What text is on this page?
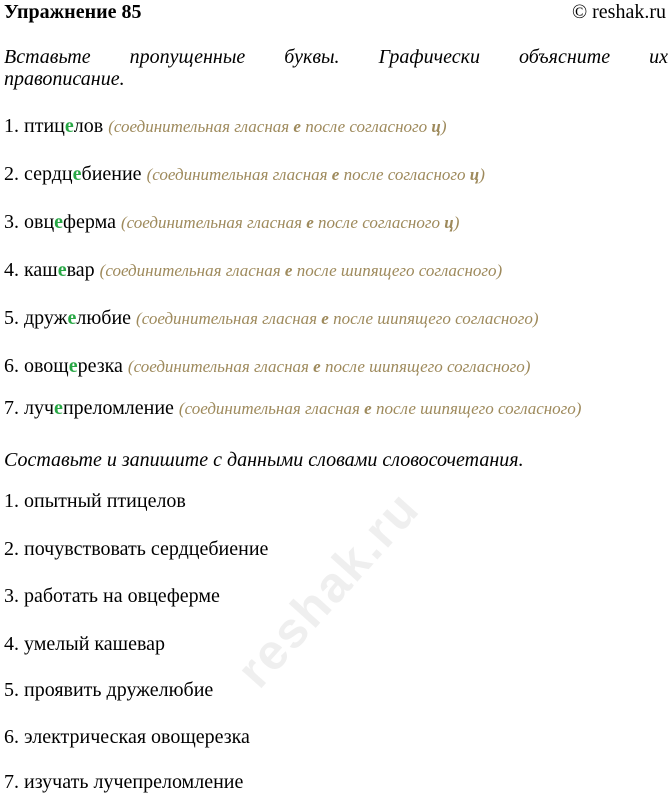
Упражнение 85	© reshak.ru
Вставьте пропущенные буквы. Графически объясните их
правописание.
1. птицелов (соединительная гласная е после согласного ц)
2. сердцебиение (соединительная гласная е после согласного ц)
3. овцеферма (соединительная гласная е после согласного ц)
4. кашевар (соединительная гласная е после шипящего согласного)
5. дружелюбие (соединительная гласная е после шипящего согласного)
6. овощерезка (соединительная гласная е после шипящего согласного)
7. лучепреломление (соединительная гласная е после шипящего согласного)
Составьте и запишите с данными словами словосочетания.
1. опытный птицелов
2. почувствовать сердцебиение
3. работать на овцеферме
4. умелый кашевар
5. проявить дружелюбие
6. электрическая овощерезка
7. изучать лучепреломление
reshak.ru
